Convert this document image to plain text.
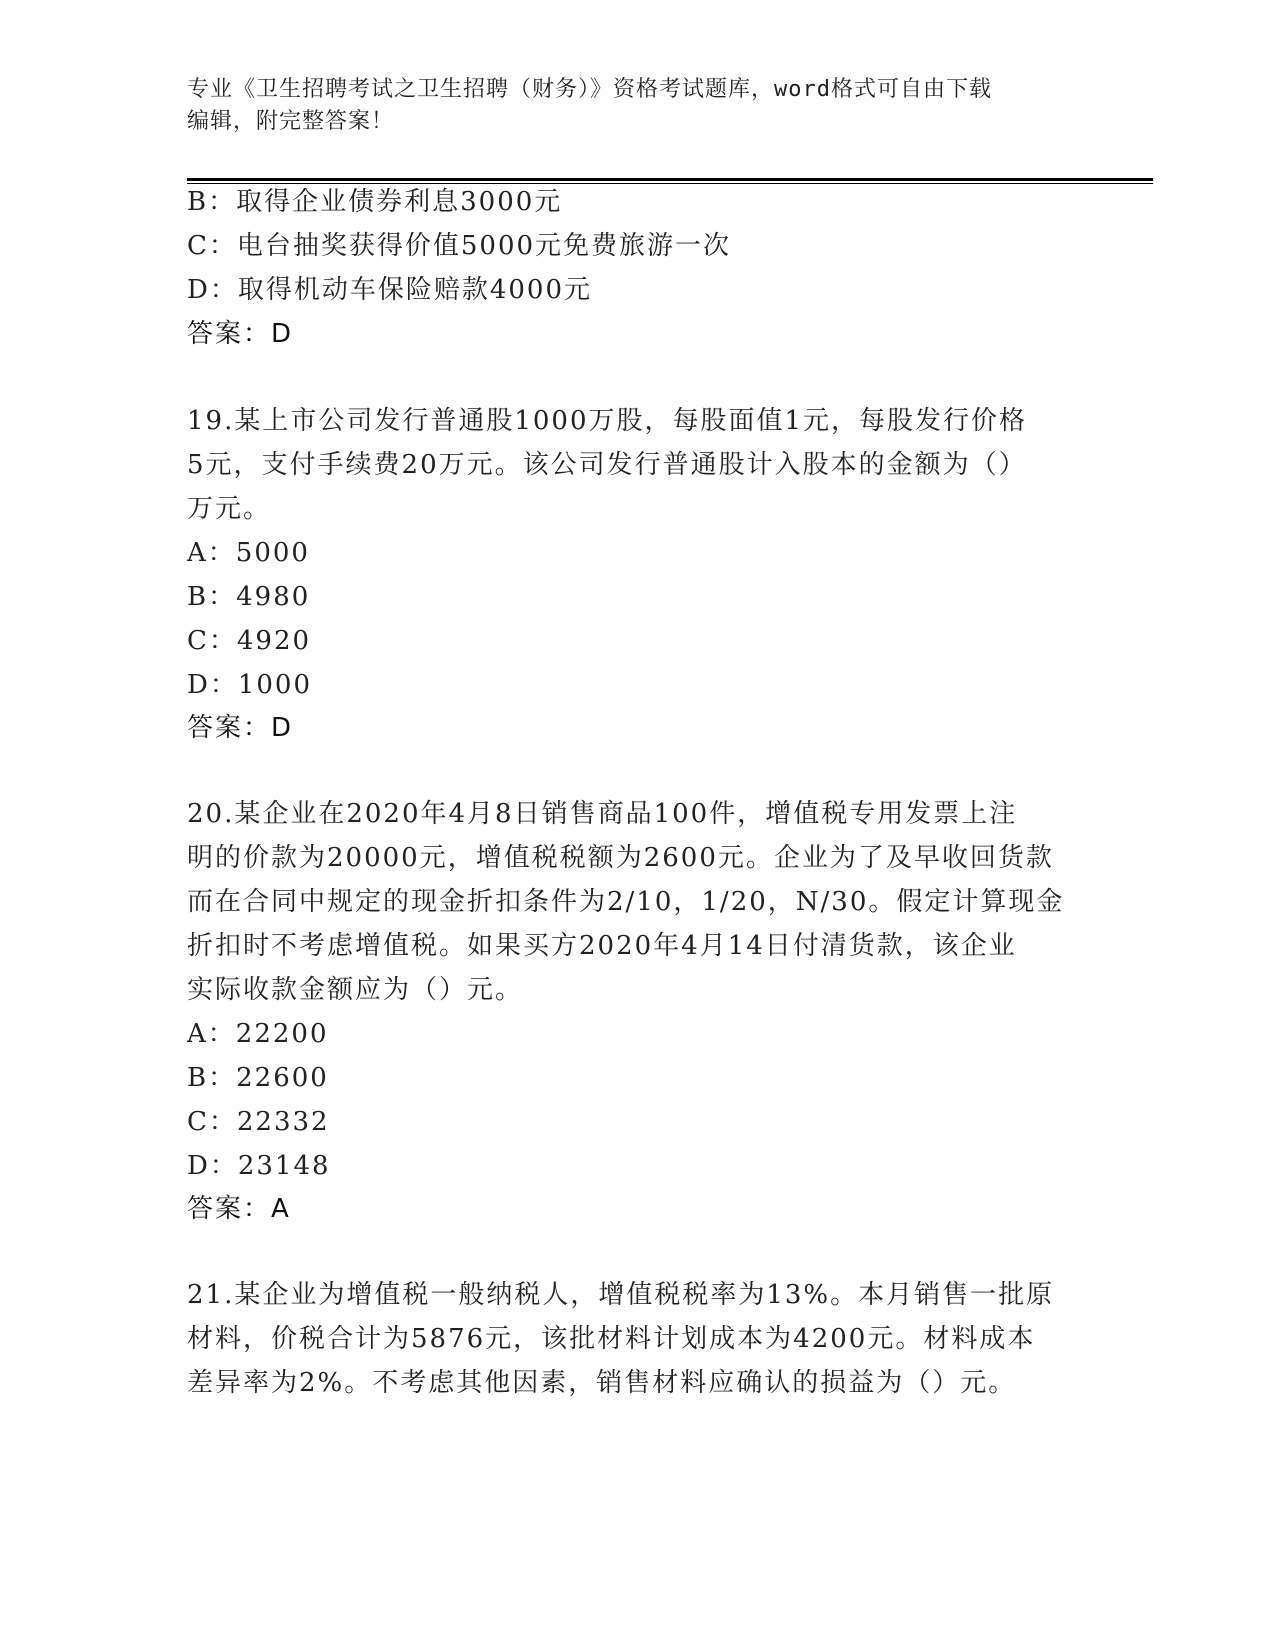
专业《卫生招聘考试之卫生招聘（财务）》资格考试题库，word格式可自由下载
编辑，附完整答案！
B：取得企业债券利息3000元
C：电台抽奖获得价值5000元免费旅游一次
D：取得机动车保险赔款4000元
答案：D
19.某上市公司发行普通股1000万股，每股面值1元，每股发行价格
5元，支付手续费20万元。该公司发行普通股计入股本的金额为（）
万元。
A：5000
B：4980
C：4920
D：1000
答案：D
20.某企业在2020年4月8日销售商品100件，增值税专用发票上注
明的价款为20000元，增值税税额为2600元。企业为了及早收回货款
而在合同中规定的现金折扣条件为2/10，1/20，N/30。假定计算现金
折扣时不考虑增值税。如果买方2020年4月14日付清货款，该企业
实际收款金额应为（）元。
A：22200
B：22600
C：22332
D：23148
答案：A
21.某企业为增值税一般纳税人，增值税税率为13%。本月销售一批原
材料，价税合计为5876元，该批材料计划成本为4200元。材料成本
差异率为2%。不考虑其他因素，销售材料应确认的损益为（）元。
